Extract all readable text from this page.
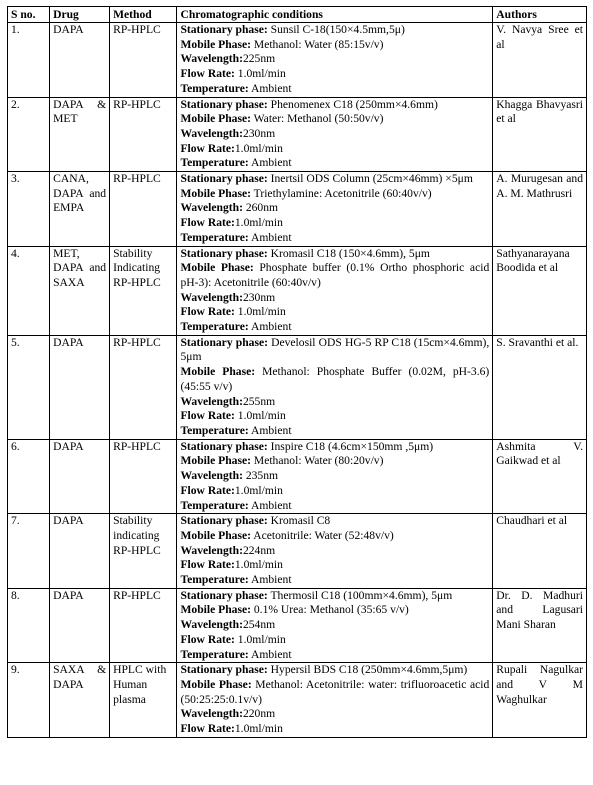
S no.	Drug	Method	Chromatographic conditions	Authors
1.	DAPA	RP-HPLC	Stationary phase: Sunsil C-18(150×4.5mm,5μ)
Mobile Phase: Methanol: Water (85:15v/v)
Wavelength:225nm
Flow Rate: 1.0ml/min
Temperature: Ambient	V. Navya Sree et al
2.	DAPA & MET	RP-HPLC	Stationary phase: Phenomenex C18 (250mm×4.6mm)
Mobile Phase: Water: Methanol (50:50v/v)
Wavelength:230nm
Flow Rate:1.0ml/min
Temperature: Ambient	Khagga Bhavyasri et al
3.	CANA, DAPA and EMPA	RP-HPLC	Stationary phase: Inertsil ODS Column (25cm×46mm) ×5μm
Mobile Phase: Triethylamine: Acetonitrile (60:40v/v)
Wavelength: 260nm
Flow Rate:1.0ml/min
Temperature: Ambient	A. Murugesan and A. M. Mathrusri
4.	MET, DAPA and SAXA	Stability Indicating RP-HPLC	Stationary phase: Kromasil C18 (150×4.6mm), 5μm
Mobile Phase: Phosphate buffer (0.1% Ortho phosphoric acid pH-3): Acetonitrile (60:40v/v)
Wavelength:230nm
Flow Rate: 1.0ml/min
Temperature: Ambient	Sathyanarayana Boodida et al
5.	DAPA	RP-HPLC	Stationary phase: Develosil ODS HG-5 RP C18 (15cm×4.6mm), 5μm
Mobile Phase: Methanol: Phosphate Buffer (0.02M, pH-3.6) (45:55 v/v)
Wavelength:255nm
Flow Rate: 1.0ml/min
Temperature: Ambient	S. Sravanthi et al.
6.	DAPA	RP-HPLC	Stationary phase: Inspire C18 (4.6cm×150mm ,5μm)
Mobile Phase: Methanol: Water (80:20v/v)
Wavelength: 235nm
Flow Rate:1.0ml/min
Temperature: Ambient	Ashmita V. Gaikwad et al
7.	DAPA	Stability indicating RP-HPLC	Stationary phase: Kromasil C8
Mobile Phase: Acetonitrile: Water (52:48v/v)
Wavelength:224nm
Flow Rate:1.0ml/min
Temperature: Ambient	Chaudhari et al
8.	DAPA	RP-HPLC	Stationary phase: Thermosil C18 (100mm×4.6mm), 5μm
Mobile Phase: 0.1% Urea: Methanol (35:65 v/v)
Wavelength:254nm
Flow Rate: 1.0ml/min
Temperature: Ambient	Dr. D. Madhuri and Lagusari Mani Sharan
9.	SAXA & DAPA	HPLC with Human plasma	Stationary phase: Hypersil BDS C18 (250mm×4.6mm,5μm)
Mobile Phase: Methanol: Acetonitrile: water: trifluoroacetic acid (50:25:25:0.1v/v)
Wavelength:220nm
Flow Rate:1.0ml/min	Rupali Nagulkar and V M Waghulkar
